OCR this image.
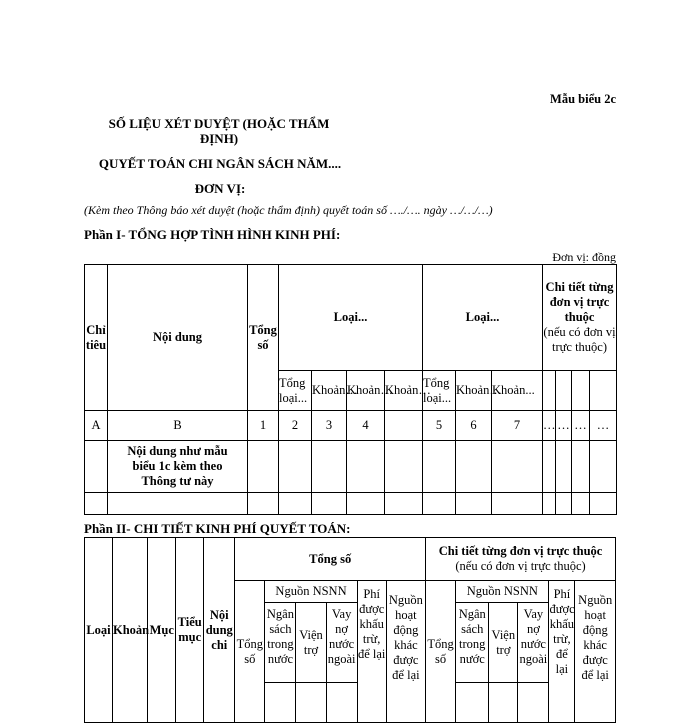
Mẫu biểu 2c
SỐ LIỆU XÉT DUYỆT (HOẶC THẨM
ĐỊNH)
QUYẾT TOÁN CHI NGÂN SÁCH NĂM....
ĐƠN VỊ:
(Kèm theo Thông báo xét duyệt (hoặc thẩm định) quyết toán số …./…. ngày …/…/…)
Phần I- TỔNG HỢP TÌNH HÌNH KINH PHÍ:
Đơn vị: đồng
Chỉ tiêu	Nội dung	Tổng số	Loại...				Loại...			Chi tiết từng đơn vị trực thuộc
(nếu có đơn vị trực thuộc)			

			Tổng loại...	Khoản…	Khoản…	Khoản…	Tổng loại...	Khoản…	Khoản...				
A	B	1	2	3	4		5	6	7	…	…	…	…
	Nội dung như mẫu biểu 1c kèm theo Thông tư này												

Phần II- CHI TIẾT KINH PHÍ QUYẾT TOÁN:
Loại	Khoản	Mục	Tiểu mục	Nội dung chi	Tổng số						Chi tiết từng đơn vị trực thuộc
(nếu có đơn vị trực thuộc)					

					Tổng số	Nguồn NSNN			Phí được khấu trừ, để lại	Nguồn hoạt động khác được để lại	Tổng số	Nguồn NSNN			Phí được khấu trừ, để lại	Nguồn hoạt động khác được để lại
						Ngân sách trong nước	Viện trợ	Vay nợ nước ngoài				Ngân sách trong nước	Viện trợ	Vay nợ nước ngoài		
